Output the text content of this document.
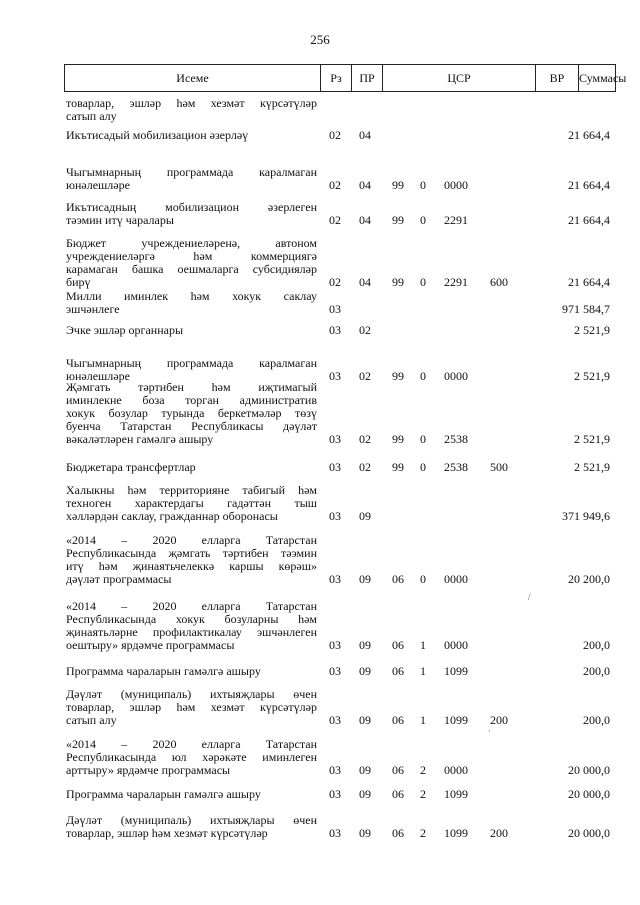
256
Исеме	Рз	ПР	ЦСР	ВР	Суммасы
товарлар, эшләр һәм хезмәт күрсәтүләр
сатып алу
Икътисадый мобилизацион әзерләү	02 04	21 664,4
Чыгымнарның программада каралмаган
юнәлешләре	02 04 99 0 0000	21 664,4
Икътисадның мобилизацион әзерлеген
тәэмин итү чаралары	02 04 99 0 2291	21 664,4
Бюджет учреждениеләренә, автоном
учреждениеләргә һәм коммерциягә
карамаган башка оешмаларга субсидияләр
бирү	02 04 99 0 2291 600	21 664,4
Милли иминлек һәм хокук саклау
эшчәнлеге	03	971 584,7
Эчке эшләр органнары	03 02	2 521,9
Чыгымнарның программада каралмаган
юнәлешләре	03 02 99 0 0000	2 521,9
Җәмгать тәртибен һәм иҗтимагый
иминлекне боза торган административ
хокук бозулар турында беркетмәләр төзү
буенча Татарстан Республикасы дәүләт
вәкаләтләрен гамәлгә ашыру	03 02 99 0 2538	2 521,9
Бюджетара трансфертлар	03 02 99 0 2538 500	2 521,9
Халыкны һәм территорияне табигый һәм
техноген характердагы гадәттән тыш
хәлләрдән саклау, гражданнар оборонасы	03 09	371 949,6
«2014 – 2020 елларга Татарстан
Республикасында җәмгать тәртибен тәэмин
итү һәм җинаятьчелеккә каршы көрәш»
дәүләт программасы	03 09 06 0 0000	20 200,0
«2014 – 2020 елларга Татарстан
Республикасында хокук бозуларны һәм
җинаятьләрне профилактикалау эшчәнлеген
оештыру» ярдәмче программасы	03 09 06 1 0000	200,0
Программа чараларын гамәлгә ашыру	03 09 06 1 1099	200,0
Дәүләт (муниципаль) ихтыяҗлары өчен
товарлар, эшләр һәм хезмәт күрсәтүләр
сатып алу	03 09 06 1 1099 200	200,0
«2014 – 2020 елларга Татарстан
Республикасында юл хәрәкәте иминлеген
арттыру» ярдәмче программасы	03 09 06 2 0000	20 000,0
Программа чараларын гамәлгә ашыру	03 09 06 2 1099	20 000,0
Дәүләт (муниципаль) ихтыяҗлары өчен
товарлар, эшләр һәм хезмәт күрсәтүләр	03 09 06 2 1099 200	20 000,0
/
·
